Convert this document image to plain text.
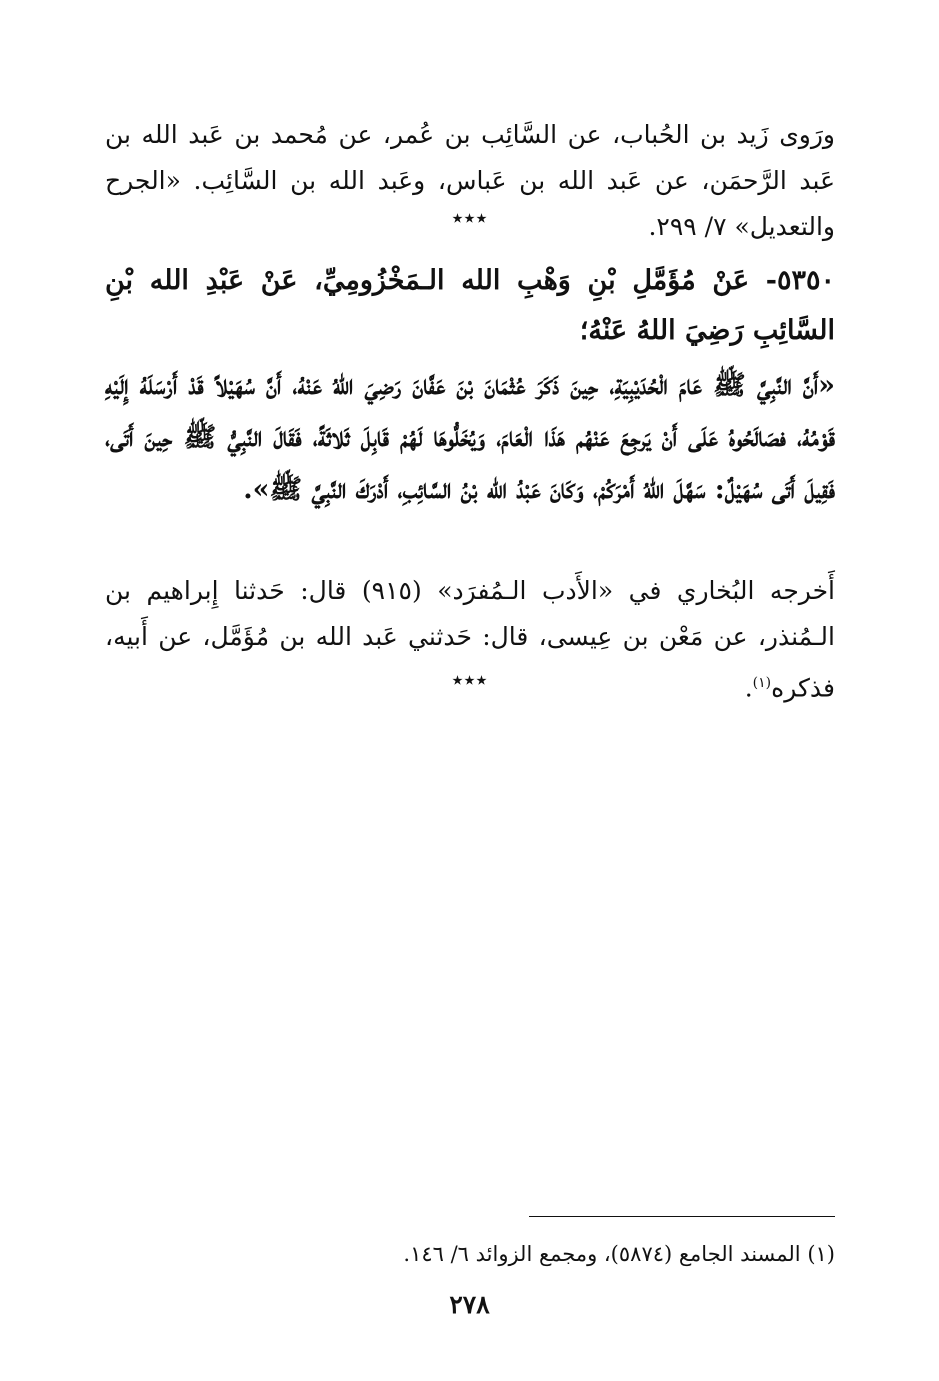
ورَوى زَيد بن الحُباب، عن السَّائِب بن عُمر، عن مُحمد بن عَبد الله بن عَبد الرَّحمَن، عن عَبد الله بن عَباس، وعَبد الله بن السَّائِب. «الجرح والتعديل» ٧/ ٢٩٩.

٭٭٭

٥٣٥٠- عَنْ مُؤَمَّلِ بْنِ وَهْبِ الله الـمَخْزُومِيِّ، عَنْ عَبْدِ الله بْنِ السَّائِبِ رَضِيَ اللهُ عَنْهُ؛

«أَنَّ النَّبِيَّ ﷺ عَامَ الْحُدَيْبِيَةِ، حِينَ ذَكَرَ عُثْمَانَ بْنَ عَفَّانَ رَضِيَ اللهُ عَنْهُ، أَنَّ سُهَيْلاً قَدْ أَرْسَلَهُ إِلَيْهِ قَوْمُهُ، فصَالَحُوهُ عَلَى أَنْ يَرجِعَ عَنْهُم هَذَا الْعَامَ، وَيُخَلُّوهَا لَهُمْ قَابِلَ ثَلاثَةً، فَقَالَ النَّبِيُّ ﷺ حِينَ أَتَى، فَقِيلَ أَتَى سُهَيْلٌ: سَهَّلَ اللهُ أَمْرَكُمْ، وَكَانَ عَبْدُ الله بْنُ السَّائِبِ، أَدْرَكَ النَّبِيَّ ﷺ».

أَخرجه البُخاري في «الأَدب الـمُفرَد» (٩١٥) قال: حَدثنا إِبراهيم بن الـمُنذر، عن مَعْن بن عِيسى، قال: حَدثني عَبد الله بن مُؤَمَّل، عن أَبيه، فذكره$^{(١)}$.

٭٭٭
(١) المسند الجامع (٥٨٧٤)، ومجمع الزوائد ٦/ ١٤٦.
٢٧٨
